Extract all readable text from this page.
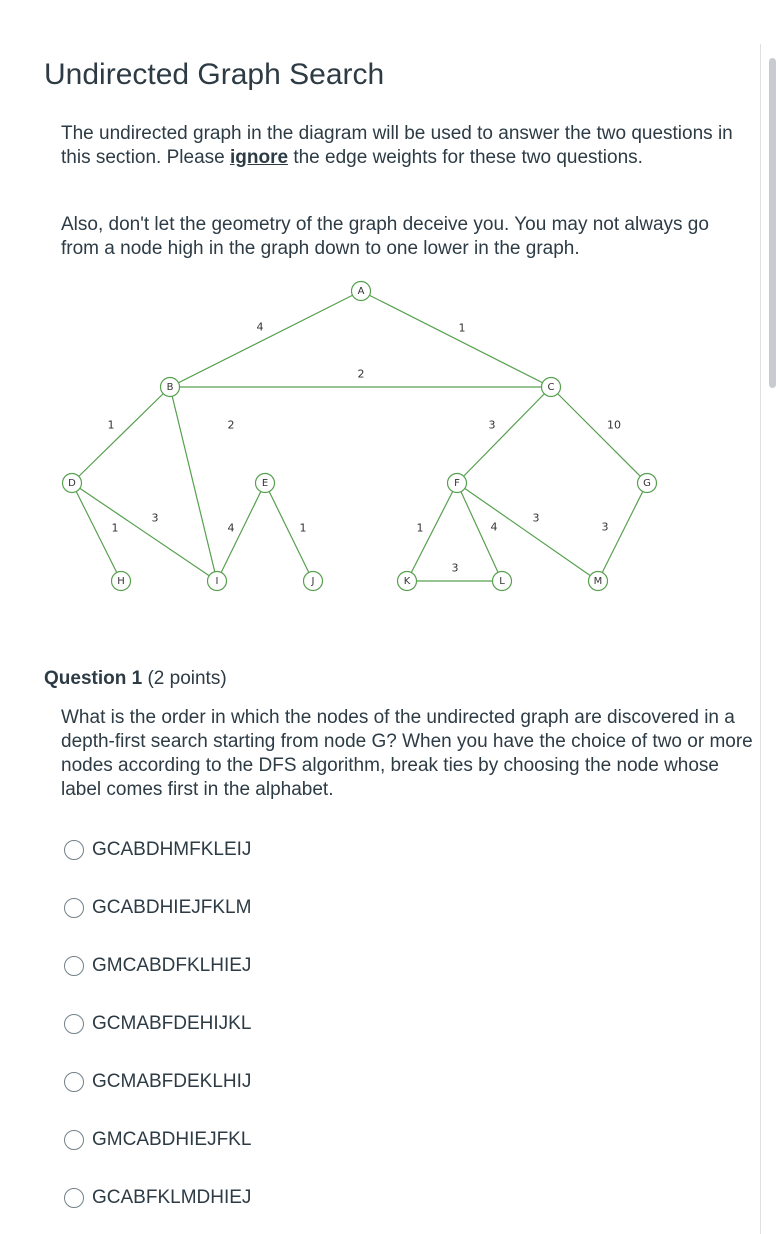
Undirected Graph Search

The undirected graph in the diagram will be used to answer the two questions in this section. Please ignore the edge weights for these two questions.

Also, don't let the geometry of the graph deceive you. You may not always go from a node high in the graph down to one lower in the graph.

4	1
2
1	2	3	10
1
3
4	1	1	4
3
3
3
A
B	C
D	E	F	G
H	I	J	K	L	M
Question 1 (2 points)

What is the order in which the nodes of the undirected graph are discovered in a depth-first search starting from node G? When you have the choice of two or more nodes according to the DFS algorithm, break ties by choosing the node whose label comes first in the alphabet.

GCABDHMFKLEIJ
GCABDHIEJFKLM
GMCABDFKLHIEJ
GCMABFDEHIJKL
GCMABFDEKLHIJ
GMCABDHIEJFKL
GCABFKLMDHIEJ
